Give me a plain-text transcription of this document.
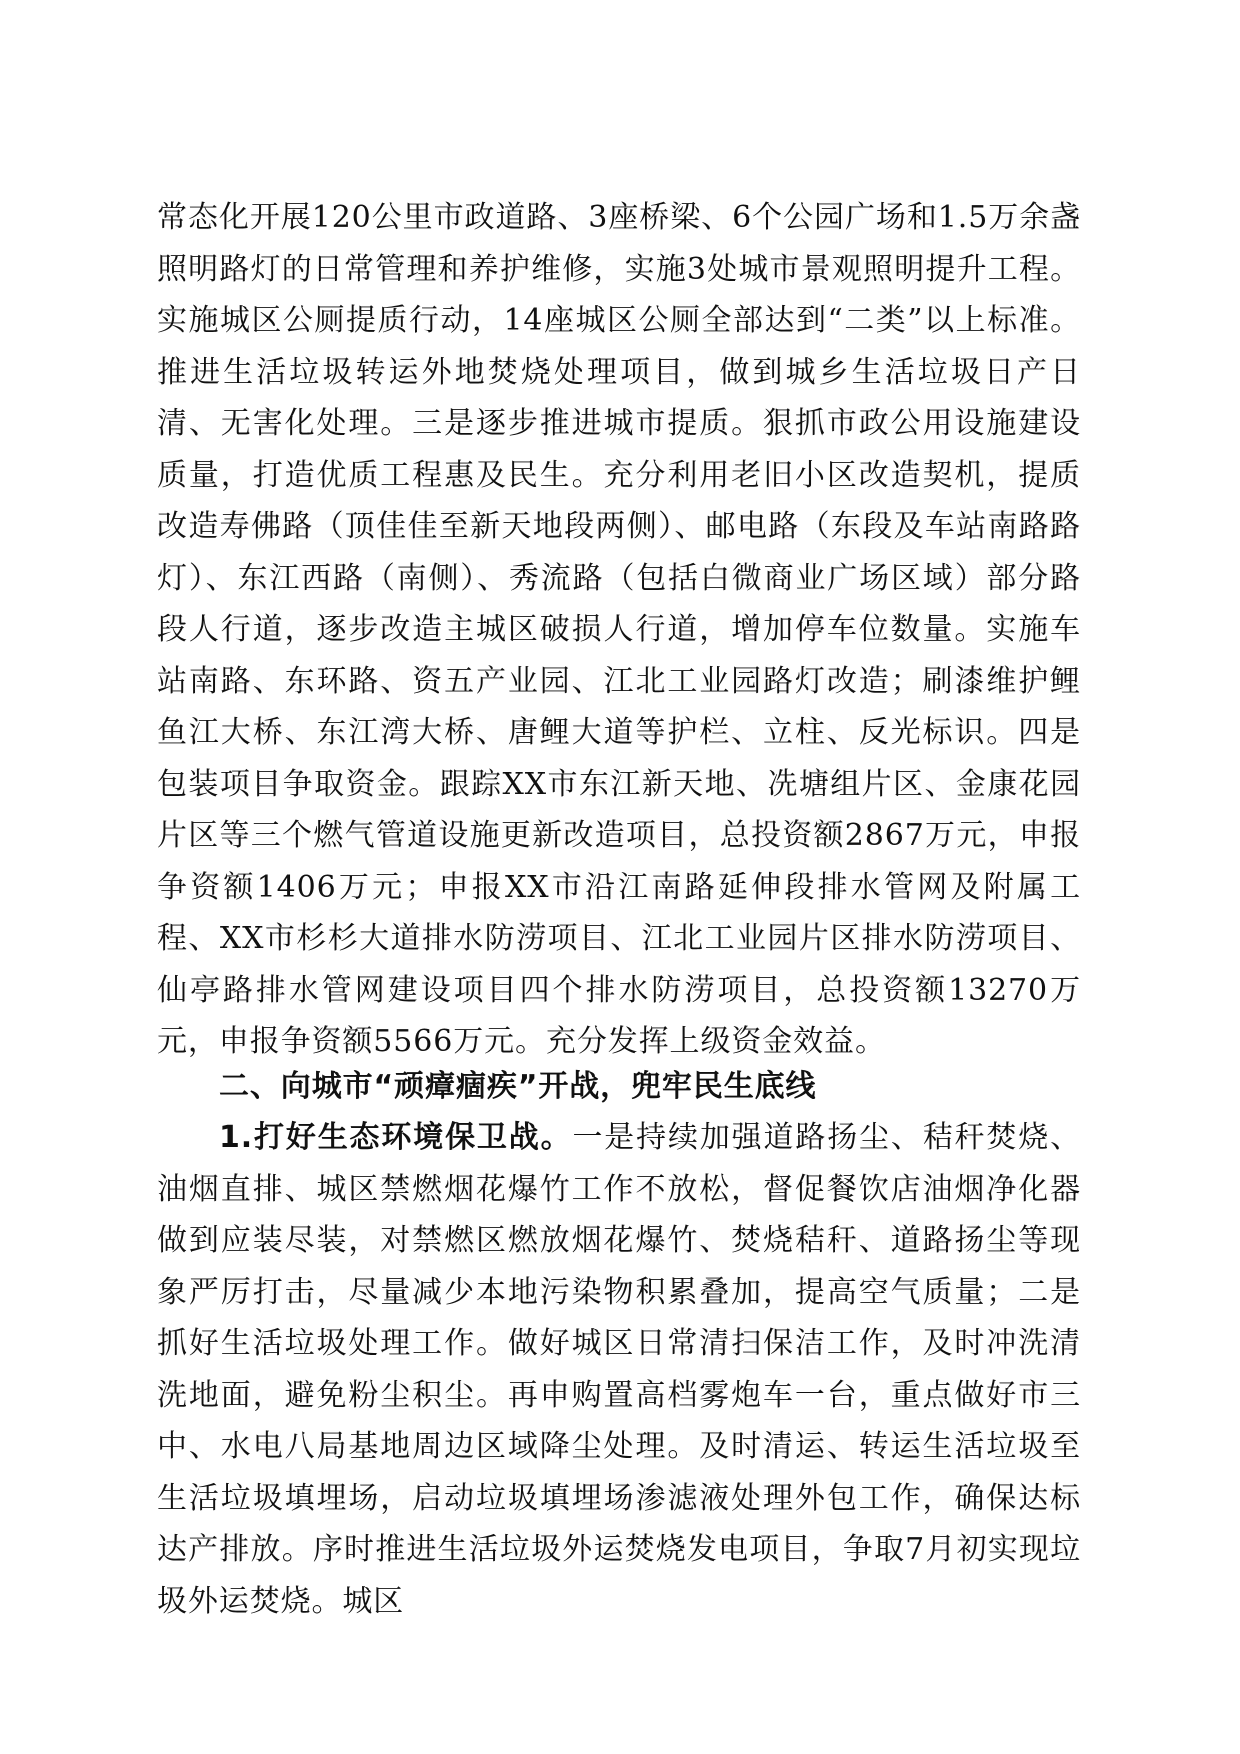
常态化开展120公里市政道路、3座桥梁、6个公园广场和1.5万余盏照明路灯的日常管理和养护维修，实施3处城市景观照明提升工程。实施城区公厕提质行动，14座城区公厕全部达到“二类”以上标准。推进生活垃圾转运外地焚烧处理项目，做到城乡生活垃圾日产日清、无害化处理。三是逐步推进城市提质。狠抓市政公用设施建设质量，打造优质工程惠及民生。充分利用老旧小区改造契机，提质改造寿佛路（顶佳佳至新天地段两侧）、邮电路（东段及车站南路路灯）、东江西路（南侧）、秀流路（包括白微商业广场区域）部分路段人行道，逐步改造主城区破损人行道，增加停车位数量。实施车站南路、东环路、资五产业园、江北工业园路灯改造；刷漆维护鲤鱼江大桥、东江湾大桥、唐鲤大道等护栏、立柱、反光标识。四是包装项目争取资金。跟踪XX市东江新天地、冼塘组片区、金康花园片区等三个燃气管道设施更新改造项目，总投资额2867万元，申报争资额1406万元；申报XX市沿江南路延伸段排水管网及附属工程、XX市杉杉大道排水防涝项目、江北工业园片区排水防涝项目、仙亭路排水管网建设项目四个排水防涝项目，总投资额13270万元，申报争资额5566万元。充分发挥上级资金效益。

二、向城市“顽瘴痼疾”开战，兜牢民生底线

1.打好生态环境保卫战。一是持续加强道路扬尘、秸秆焚烧、油烟直排、城区禁燃烟花爆竹工作不放松，督促餐饮店油烟净化器做到应装尽装，对禁燃区燃放烟花爆竹、焚烧秸秆、道路扬尘等现象严厉打击，尽量减少本地污染物积累叠加，提高空气质量；二是抓好生活垃圾处理工作。做好城区日常清扫保洁工作，及时冲洗清洗地面，避免粉尘积尘。再申购置高档雾炮车一台，重点做好市三中、水电八局基地周边区域降尘处理。及时清运、转运生活垃圾至生活垃圾填埋场，启动垃圾填埋场渗滤液处理外包工作，确保达标达产排放。序时推进生活垃圾外运焚烧发电项目，争取7月初实现垃圾外运焚烧。城区
